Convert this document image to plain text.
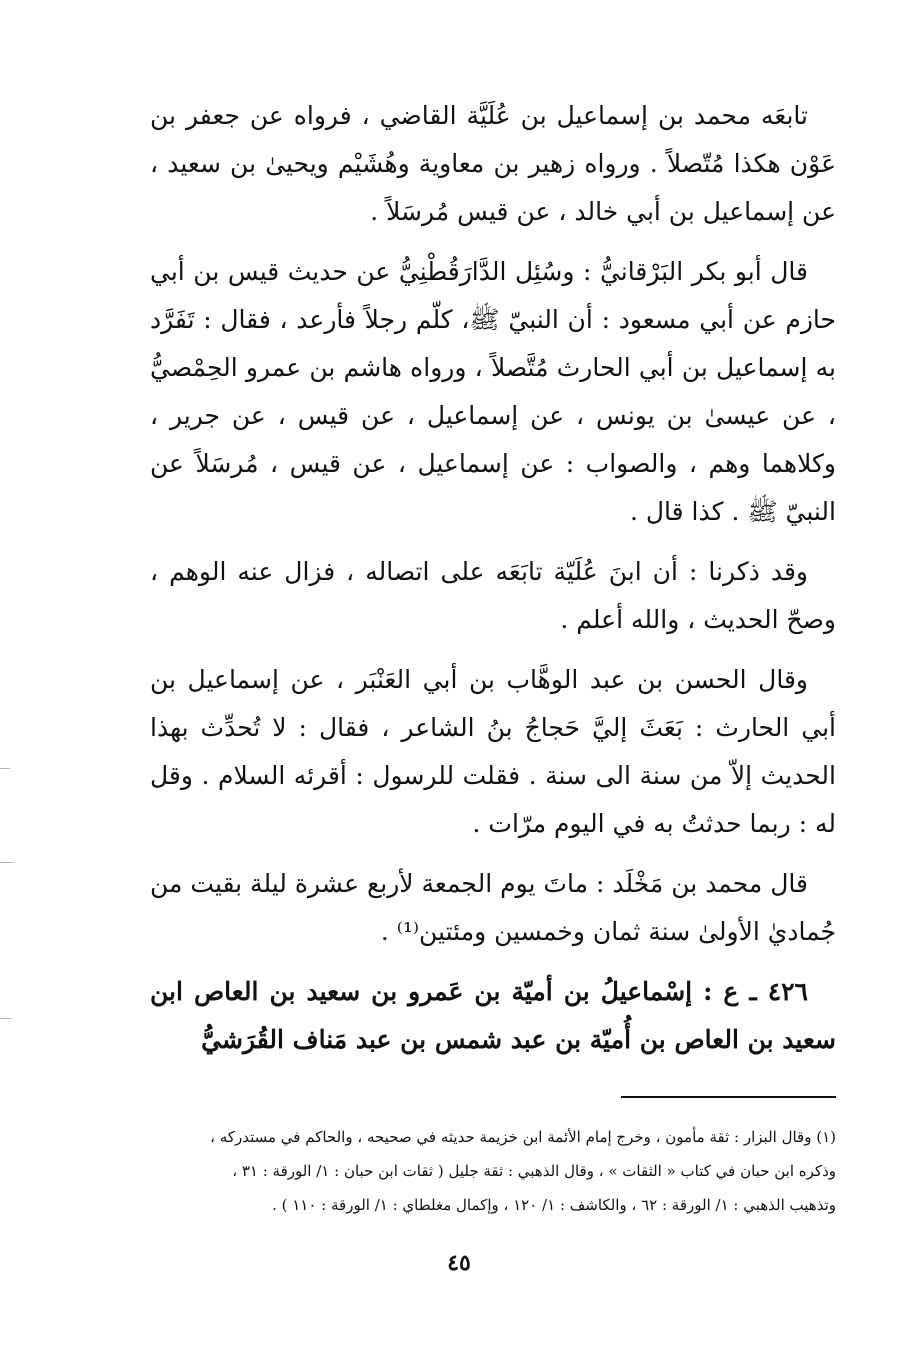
تابعَه محمد بن إسماعيل بن عُلَيَّة القاضي ، فرواه عن جعفر بن عَوْن هكذا مُتّصلاً . ورواه زهير بن معاوية وهُشَيْم ويحيىٰ بن سعيد ، عن إسماعيل بن أبي خالد ، عن قيس مُرسَلاً .

قال أبو بكر البَرْقانيُّ : وسُئِل الدَّارَقُطْنِيُّ عن حديث قيس بن أبي حازم عن أبي مسعود : أن النبيّ ﷺ، كلّم رجلاً فأرعد ، فقال : تَفَرَّد به إسماعيل بن أبي الحارث مُتَّصلاً ، ورواه هاشم بن عمرو الحِمْصيُّ ، عن عيسىٰ بن يونس ، عن إسماعيل ، عن قيس ، عن جرير ، وكلاهما وهم ، والصواب : عن إسماعيل ، عن قيس ، مُرسَلاً عن النبيّ ﷺ . كذا قال .

وقد ذكرنا : أن ابنَ عُلَيّة تابَعَه على اتصاله ، فزال عنه الوهم ، وصحّ الحديث ، والله أعلم .

وقال الحسن بن عبد الوهَّاب بن أبي العَنْبَر ، عن إسماعيل بن أبي الحارث : بَعَثَ إليَّ حَجاجُ بنُ الشاعر ، فقال : لا تُحدِّث بهذا الحديث إلاّ من سنة الى سنة . فقلت للرسول : أقرئه السلام . وقل له : ربما حدثتُ به في اليوم مرّات .

قال محمد بن مَخْلَد : ماتَ يوم الجمعة لأربع عشرة ليلة بقيت من جُماديٰ الأولىٰ سنة ثمان وخمسين ومئتين⁽¹⁾ .

٤٢٦ ـ ع : إسْماعيلُ بن أميّة بن عَمرو بن سعيد بن العاص ابن سعيد بن العاص بن أُميّة بن عبد شمس بن عبد مَناف القُرَشيُّ

(١) وقال البزار : ثقة مأمون ، وخرج إمام الأئمة ابن خزيمة حديثه في صحيحه ، والحاكم في مستدركه ،

وذكره ابن حبان في كتاب « الثقات » ، وقال الذهبي : ثقة جليل ( ثقات ابن حبان : ١/ الورقة : ٣١ ،

وتذهيب الذهبي : ١/ الورقة : ٦٢ ، والكاشف : ١/ ١٢٠ ، وإكمال مغلطاي : ١/ الورقة : ١١٠ ) .

٤٥
